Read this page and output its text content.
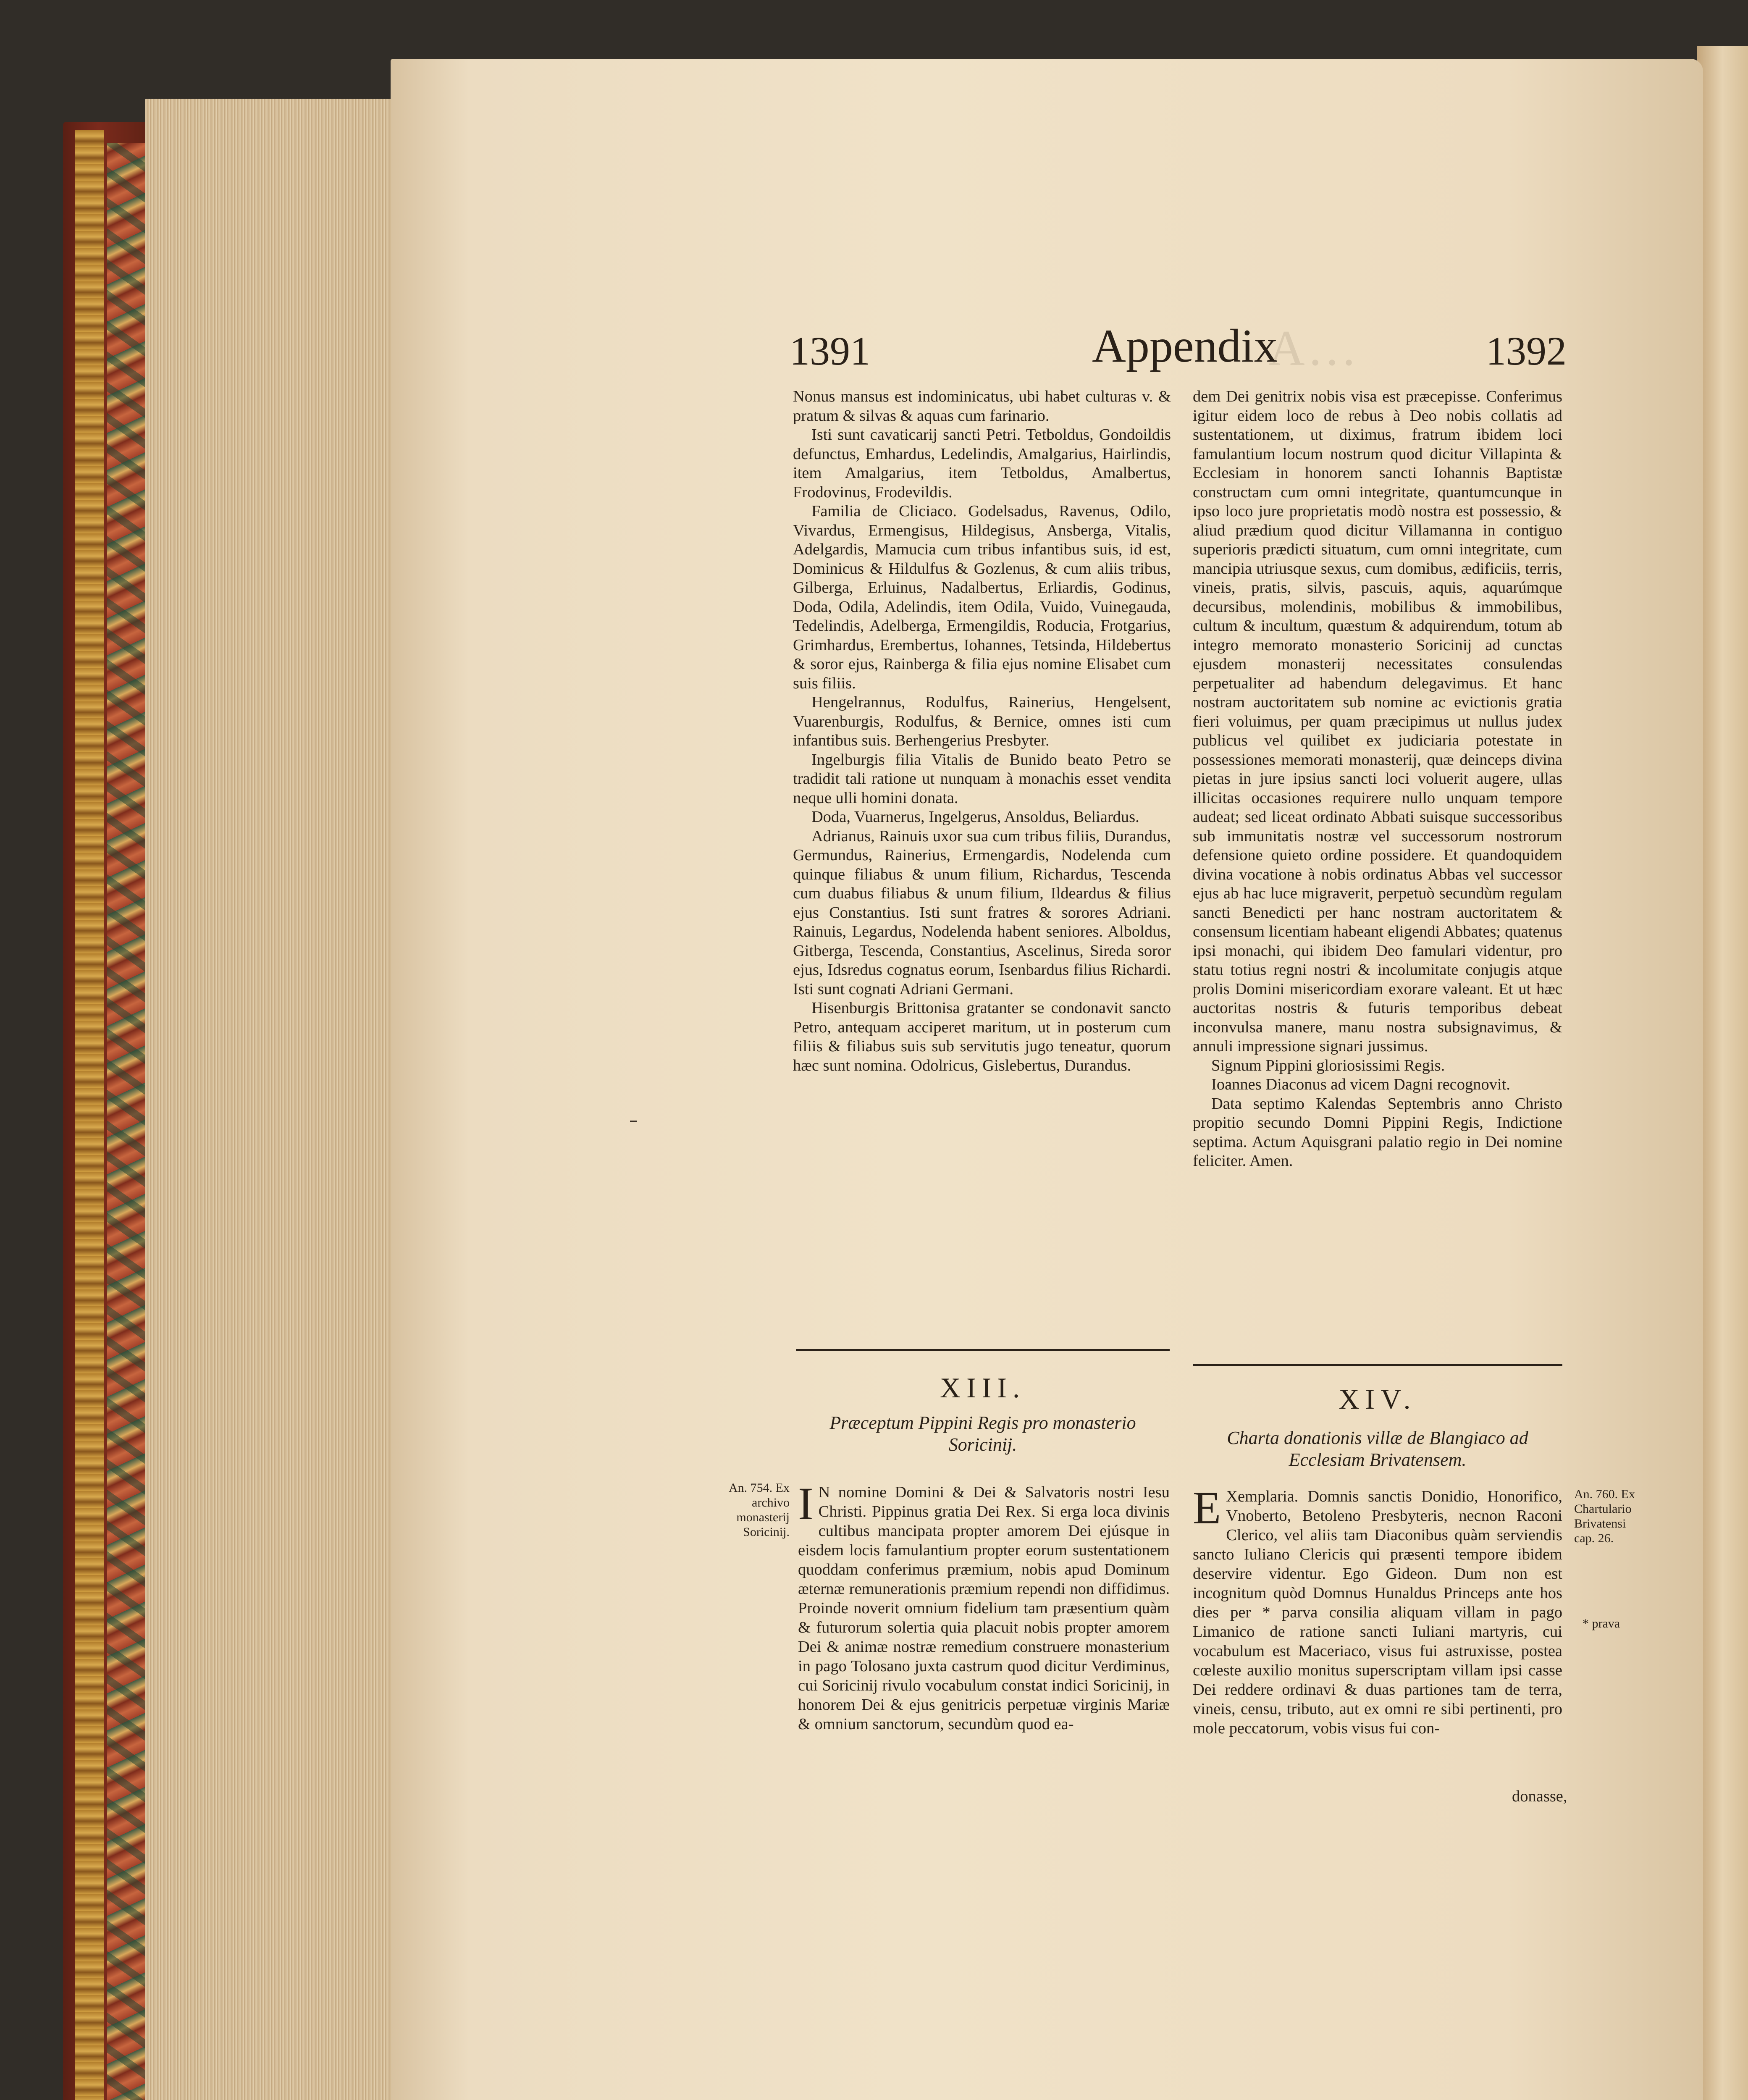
A...
1391	Appendix	1392

Nonus mansus est indominicatus, ubi habet culturas v. & pratum & silvas & aquas cum farinario.

Isti sunt cavaticarij sancti Petri. Tetboldus, Gondoildis defunctus, Emhardus, Ledelindis, Amalgarius, Hairlindis, item Amalgarius, item Tetboldus, Amalbertus, Frodovinus, Frodevildis.

Familia de Cliciaco. Godelsadus, Ravenus, Odilo, Vivardus, Ermengisus, Hildegisus, Ansberga, Vitalis, Adelgardis, Mamucia cum tribus infantibus suis, id est, Dominicus & Hildulfus & Gozlenus, & cum aliis tribus, Gilberga, Erluinus, Nadalbertus, Erliardis, Godinus, Doda, Odila, Adelindis, item Odila, Vuido, Vuinegauda, Tedelindis, Adelberga, Ermengildis, Roducia, Frotgarius, Grimhardus, Erembertus, Iohannes, Tetsinda, Hildebertus & soror ejus, Rainberga & filia ejus nomine Elisabet cum suis filiis.

Hengelrannus, Rodulfus, Rainerius, Hengelsent, Vuarenburgis, Rodulfus, & Bernice, omnes isti cum infantibus suis. Berhengerius Presbyter.

Ingelburgis filia Vitalis de Bunido beato Petro se tradidit tali ratione ut nunquam à monachis esset vendita neque ulli homini donata.

Doda, Vuarnerus, Ingelgerus, Ansoldus, Beliardus.

Adrianus, Rainuis uxor sua cum tribus filiis, Durandus, Germundus, Rainerius, Ermengardis, Nodelenda cum quinque filiabus & unum filium, Richardus, Tescenda cum duabus filiabus & unum filium, Ildeardus & filius ejus Constantius. Isti sunt fratres & sorores Adriani. Rainuis, Legardus, Nodelenda habent seniores. Alboldus, Gitberga, Tescenda, Constantius, Ascelinus, Sireda soror ejus, Idsredus cognatus eorum, Isenbardus filius Richardi. Isti sunt cognati Adriani Germani.

Hisenburgis Brittonisa gratanter se condonavit sancto Petro, antequam acciperet maritum, ut in posterum cum filiis & filiabus suis sub servitutis jugo teneatur, quorum hæc sunt nomina. Odolricus, Gislebertus, Durandus.

dem Dei genitrix nobis visa est præcepisse. Conferimus igitur eidem loco de rebus à Deo nobis collatis ad sustentationem, ut diximus, fratrum ibidem loci famulantium locum nostrum quod dicitur Villapinta & Ecclesiam in honorem sancti Iohannis Baptistæ constructam cum omni integritate, quantumcunque in ipso loco jure proprietatis modò nostra est possessio, & aliud prædium quod dicitur Villamanna in contiguo superioris prædicti situatum, cum omni integritate, cum mancipia utriusque sexus, cum domibus, ædificiis, terris, vineis, pratis, silvis, pascuis, aquis, aquarúmque decursibus, molendinis, mobilibus & immobilibus, cultum & incultum, quæstum & adquirendum, totum ab integro memorato monasterio Soricinij ad cunctas ejusdem monasterij necessitates consulendas perpetualiter ad habendum delegavimus. Et hanc nostram auctoritatem sub nomine ac evictionis gratia fieri voluimus, per quam præcipimus ut nullus judex publicus vel quilibet ex judiciaria potestate in possessiones memorati monasterij, quæ deinceps divina pietas in jure ipsius sancti loci voluerit augere, ullas illicitas occasiones requirere nullo unquam tempore audeat; sed liceat ordinato Abbati suisque successoribus sub immunitatis nostræ vel successorum nostrorum defensione quieto ordine possidere. Et quandoquidem divina vocatione à nobis ordinatus Abbas vel successor ejus ab hac luce migraverit, perpetuò secundùm regulam sancti Benedicti per hanc nostram auctoritatem & consensum licentiam habeant eligendi Abbates; quatenus ipsi monachi, qui ibidem Deo famulari videntur, pro statu totius regni nostri & incolumitate conjugis atque prolis Domini misericordiam exorare valeant. Et ut hæc auctoritas nostris & futuris temporibus debeat inconvulsa manere, manu nostra subsignavimus, & annuli impressione signari jussimus.

Signum Pippini gloriosissimi Regis.

Ioannes Diaconus ad vicem Dagni recognovit.

Data septimo Kalendas Septembris anno Christo propitio secundo Domni Pippini Regis, Indictione septima. Actum Aquisgrani palatio regio in Dei nomine feliciter. Amen.

XIII.
Præceptum Pippini Regis pro monasterio Soricinij.
An. 754. Ex archivo monasterij Soricinij.

I N nomine Domini & Dei & Salvatoris nostri Iesu Christi. Pippinus gratia Dei Rex. Si erga loca divinis cultibus mancipata propter amorem Dei ejúsque in eisdem locis famulantium propter eorum sustentationem quoddam conferimus præmium, nobis apud Dominum æternæ remunerationis præmium rependi non diffidimus. Proinde noverit omnium fidelium tam præsentium quàm & futurorum solertia quia placuit nobis propter amorem Dei & animæ nostræ remedium construere monasterium in pago Tolosano juxta castrum quod dicitur Verdiminus, cui Soricinij rivulo vocabulum constat indici Soricinij, in honorem Dei & ejus genitricis perpetuæ virginis Mariæ & omnium sanctorum, secundùm quod ea-

XIV.
Charta donationis villæ de Blangiaco ad Ecclesiam Brivatensem.
An. 760. Ex Chartulario Brivatensi cap. 26.
* prava

E Xemplaria. Domnis sanctis Donidio, Honorifico, Vnoberto, Betoleno Presbyteris, necnon Raconi Clerico, vel aliis tam Diaconibus quàm serviendis sancto Iuliano Clericis qui præsenti tempore ibidem deservire videntur. Ego Gideon. Dum non est incognitum quòd Domnus Hunaldus Princeps ante hos dies per * parva consilia aliquam villam in pago Limanico de ratione sancti Iuliani martyris, cui vocabulum est Maceriaco, visus fui astruxisse, postea cœleste auxilio monitus superscriptam villam ipsi casse Dei reddere ordinavi & duas partiones tam de terra, vineis, censu, tributo, aut ex omni re sibi pertinenti, pro mole peccatorum, vobis visus fui con-

donasse,
